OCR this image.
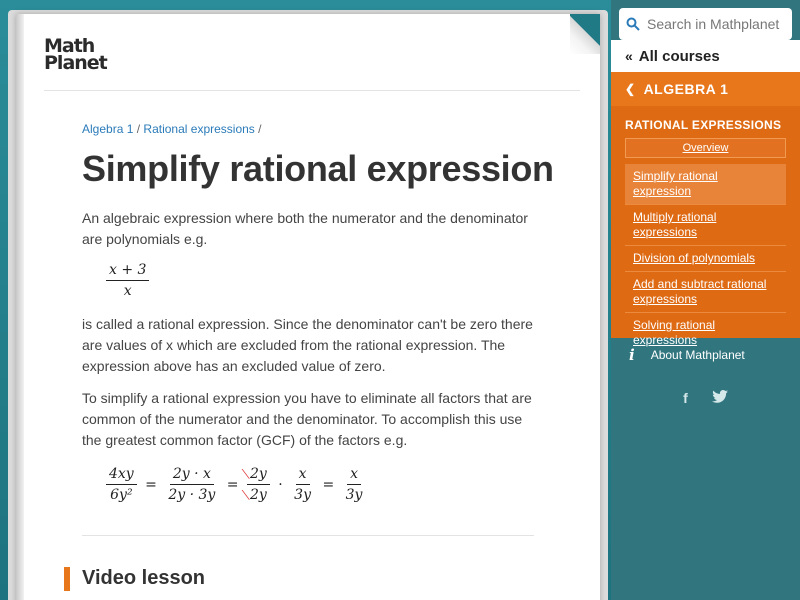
Math
Planet
Algebra 1 / Rational expressions /
Simplify rational expression

An algebraic expression where both the numerator and the denominator are polynomials e.g.

$\frac{x + 3}{x}$

is called a rational expression. Since the denominator can't be zero there are values of x which are excluded from the rational expression. The expression above has an excluded value of zero.

To simplify a rational expression you have to eliminate all factors that are common of the numerator and the denominator. To accomplish this use the greatest common factor (GCF) of the factors e.g.

$\frac{4xy}{\text{6y²}} = \frac{2y \cdot x}{2y \cdot 3y} = \frac{2y}{2y} \cdot \frac{x}{3y} = \frac{x}{3y}$
Video lesson
Search in Mathplanet
« All courses
❮ ALGEBRA 1
RATIONAL EXPRESSIONS
Overview
Simplify rational expression
Multiply rational expressions
Division of polynomials
Add and subtract rational expressions
Solving rational expressions
i About Mathplanet
f
